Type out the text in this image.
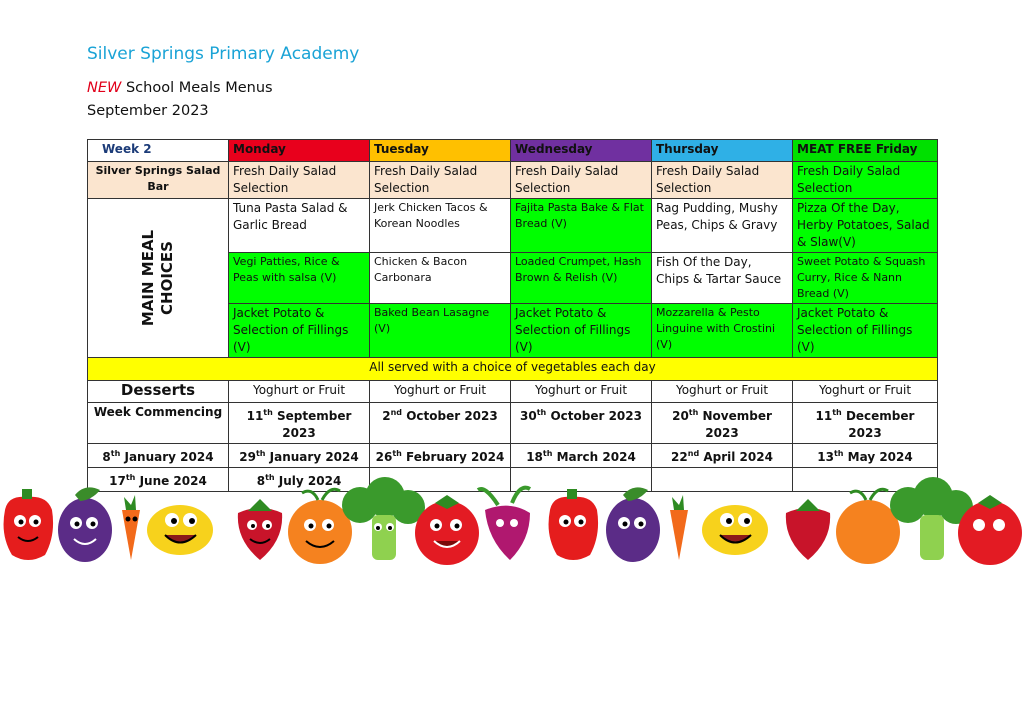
Silver Springs Primary Academy
NEW School Meals Menus
September 2023
Week 2	Monday	Tuesday	Wednesday	Thursday	MEAT FREE Friday
Silver Springs Salad Bar	Fresh Daily Salad Selection	Fresh Daily Salad Selection	Fresh Daily Salad Selection	Fresh Daily Salad Selection	Fresh Daily Salad Selection

MAIN MEAL
CHOICES	Tuna Pasta Salad & Garlic Bread	Jerk Chicken Tacos & Korean Noodles	Fajita Pasta Bake & Flat Bread (V)	Rag Pudding, Mushy Peas, Chips & Gravy	Pizza Of the Day, Herby Potatoes, Salad & Slaw(V)
	Vegi Patties, Rice & Peas with salsa (V)	Chicken & Bacon Carbonara	Loaded Crumpet, Hash Brown & Relish (V)	Fish Of the Day, Chips & Tartar Sauce	Sweet Potato & Squash Curry, Rice & Nann Bread (V)
	Jacket Potato & Selection of Fillings (V)	Baked Bean Lasagne (V)	Jacket Potato & Selection of Fillings (V)	Mozzarella & Pesto Linguine with Crostini (V)	Jacket Potato & Selection of Fillings (V)
All served with a choice of vegetables each day					
Desserts	Yoghurt or Fruit	Yoghurt or Fruit	Yoghurt or Fruit	Yoghurt or Fruit	Yoghurt or Fruit
Week Commencing	11th September 2023	2nd October 2023	30th October 2023	20th November 2023	11th December 2023
8th January 2024	29th January 2024	26th February 2024	18th March 2024	22nd April 2024	13th May 2024
17th June 2024	8th July 2024				
